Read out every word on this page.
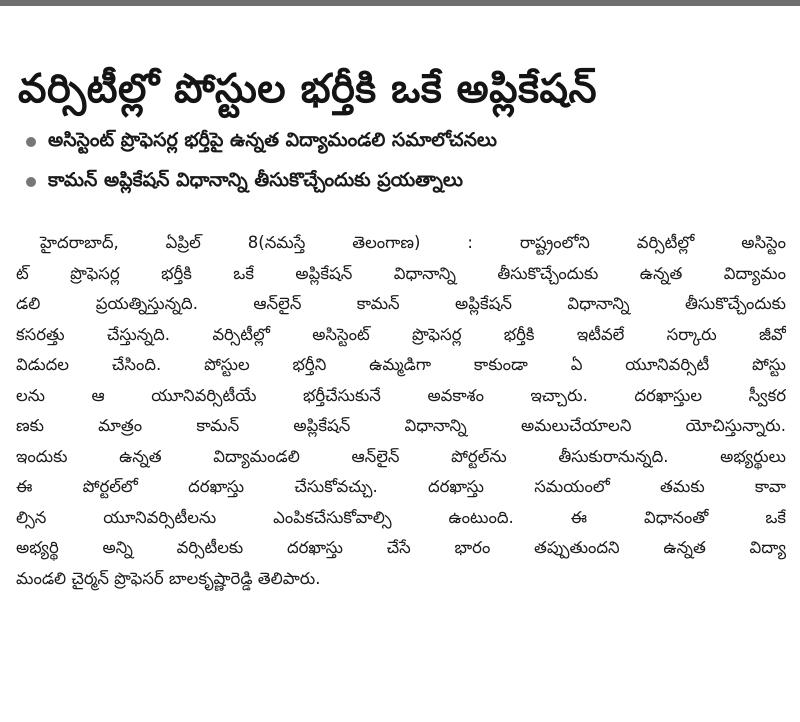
వర్సిటీల్లో పోస్టుల భర్తీకి ఒకే అప్లికేషన్
అసిస్టెంట్ ప్రొఫెసర్ల భర్తీపై ఉన్నత విద్యామండలి సమాలోచనలు
కామన్ అప్లికేషన్ విధానాన్ని తీసుకొచ్చేందుకు ప్రయత్నాలు
హైదరాబాద్, ఏప్రిల్ 8(నమస్తే తెలంగాణ) : రాష్ట్రంలోని వర్సిటీల్లో అసిస్టెం
ట్ ప్రొఫెసర్ల భర్తీకి ఒకే అప్లికేషన్ విధానాన్ని తీసుకొచ్చేందుకు ఉన్నత విద్యామం
డలి ప్రయత్నిస్తున్నది. ఆన్‌లైన్ కామన్ అప్లికేషన్ విధానాన్ని తీసుకొచ్చేందుకు
కసరత్తు చేస్తున్నది. వర్సిటీల్లో అసిస్టెంట్ ప్రొఫెసర్ల భర్తీకి ఇటీవలే సర్కారు జీవో
విడుదల చేసింది. పోస్టుల భర్తీని ఉమ్మడిగా కాకుండా ఏ యూనివర్సిటీ పోస్టు
లను ఆ యూనివర్సిటీయే భర్తీచేసుకునే అవకాశం ఇచ్చారు. దరఖాస్తుల స్వీకర
ణకు మాత్రం కామన్ అప్లికేషన్ విధానాన్ని అమలుచేయాలని యోచిస్తున్నారు.
ఇందుకు ఉన్నత విద్యామండలి ఆన్‌లైన్ పోర్టల్‌ను తీసుకురానున్నది. అభ్యర్థులు
ఈ పోర్టల్‌లో దరఖాస్తు చేసుకోవచ్చు. దరఖాస్తు సమయంలో తమకు కావా
ల్సిన యూనివర్సిటీలను ఎంపికచేసుకోవాల్సి ఉంటుంది. ఈ విధానంతో ఒకే
అభ్యర్థి అన్ని వర్సిటీలకు దరఖాస్తు చేసే భారం తప్పుతుందని ఉన్నత విద్యా
మండలి చైర్మన్ ప్రొఫెసర్ బాలకృష్ణారెడ్డి తెలిపారు.
